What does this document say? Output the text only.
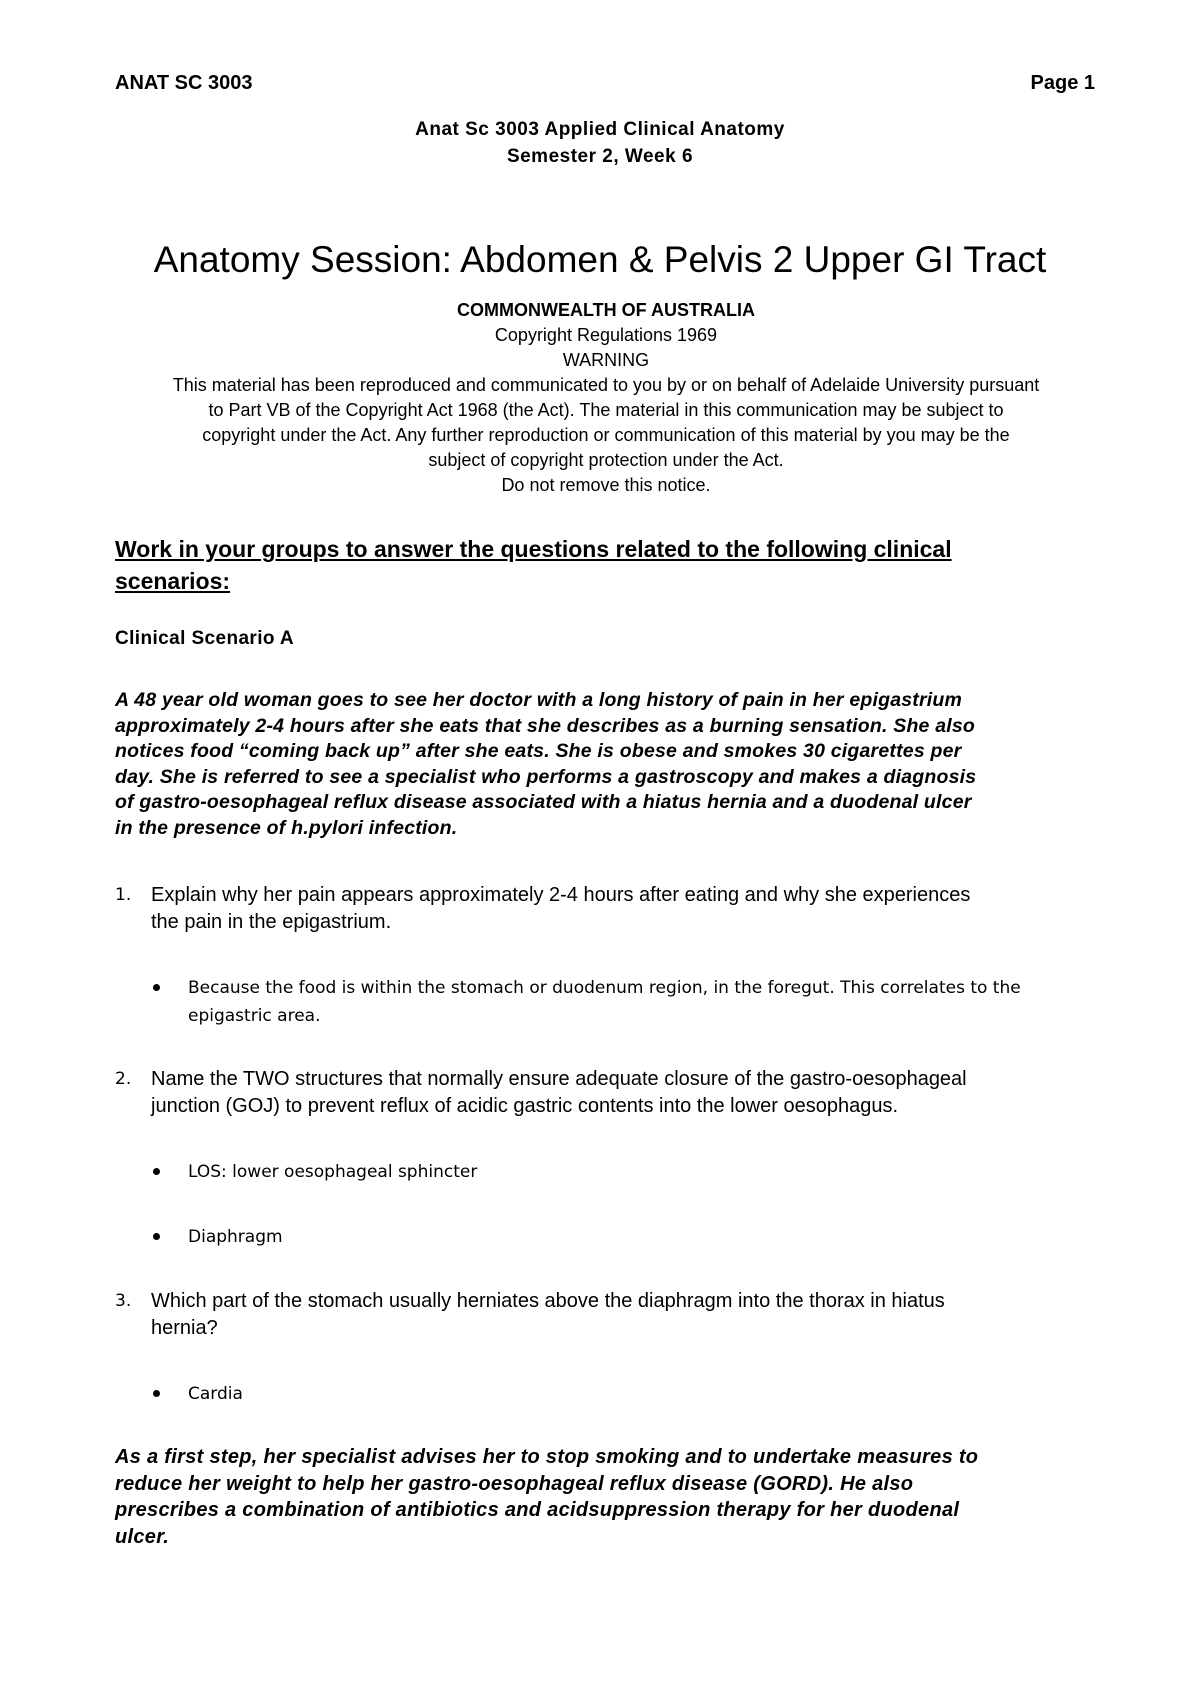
ANAT SC 3003	Page 1
Anat Sc 3003 Applied Clinical Anatomy
Semester 2, Week 6
Anatomy Session: Abdomen & Pelvis 2 Upper GI Tract
COMMONWEALTH OF AUSTRALIA
Copyright Regulations 1969
WARNING
This material has been reproduced and communicated to you by or on behalf of Adelaide University pursuant
to Part VB of the Copyright Act 1968 (the Act). The material in this communication may be subject to
copyright under the Act. Any further reproduction or communication of this material by you may be the
subject of copyright protection under the Act.
Do not remove this notice.
Work in your groups to answer the questions related to the following clinical
scenarios:
Clinical Scenario A
A 48 year old woman goes to see her doctor with a long history of pain in her epigastrium
approximately 2-4 hours after she eats that she describes as a burning sensation. She also
notices food “coming back up” after she eats. She is obese and smokes 30 cigarettes per
day. She is referred to see a specialist who performs a gastroscopy and makes a diagnosis
of gastro-oesophageal reflux disease associated with a hiatus hernia and a duodenal ulcer
in the presence of h.pylori infection.
1. Explain why her pain appears approximately 2-4 hours after eating and why she experiences
the pain in the epigastrium.
Because the food is within the stomach or duodenum region, in the foregut. This correlates to the
epigastric area.
2. Name the TWO structures that normally ensure adequate closure of the gastro-oesophageal
junction (GOJ) to prevent reflux of acidic gastric contents into the lower oesophagus.
LOS: lower oesophageal sphincter
Diaphragm
3. Which part of the stomach usually herniates above the diaphragm into the thorax in hiatus
hernia?
Cardia
As a first step, her specialist advises her to stop smoking and to undertake measures to
reduce her weight to help her gastro-oesophageal reflux disease (GORD). He also
prescribes a combination of antibiotics and acidsuppression therapy for her duodenal
ulcer.
